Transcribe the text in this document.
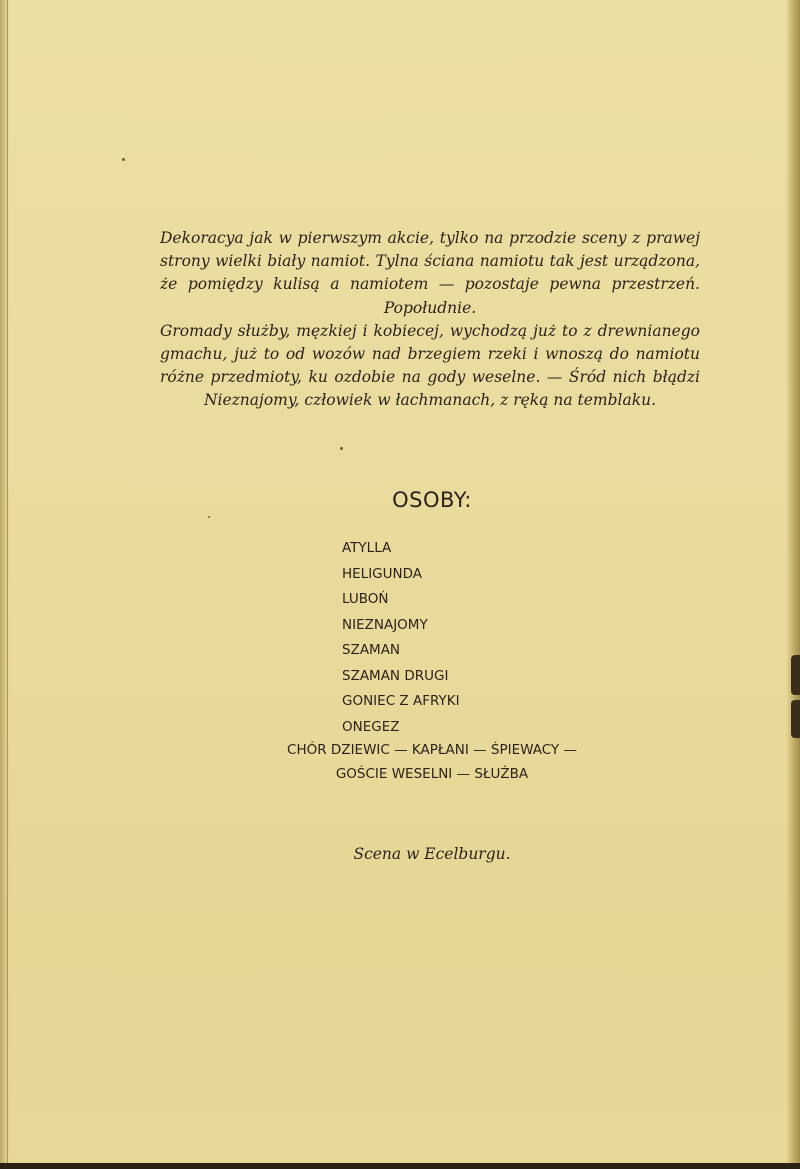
Dekoracya jak w pierwszym akcie, tylko na przodzie sceny z prawej strony wielki biały namiot. Tylna ściana namiotu tak jest urządzona, że pomiędzy kulisą a namiotem — pozostaje pewna przestrzeń. Popołudnie.

Gromady służby, męzkiej i kobiecej, wychodzą już to z drewnianego gmachu, już to od wozów nad brzegiem rzeki i wnoszą do namiotu różne przedmioty, ku ozdobie na gody weselne. — Śród nich błądzi Nieznajomy, człowiek w łachmanach, z ręką na temblaku.

OSOBY:
ATYLLA
HELIGUNDA
LUBOŃ
NIEZNAJOMY
SZAMAN
SZAMAN DRUGI
GONIEC Z AFRYKI
ONEGEZ

CHÓR DZIEWIC — KAPŁANI — ŚPIEWACY —
GOŚCIE WESELNI — SŁUŻBA

Scena w Ecelburgu.
